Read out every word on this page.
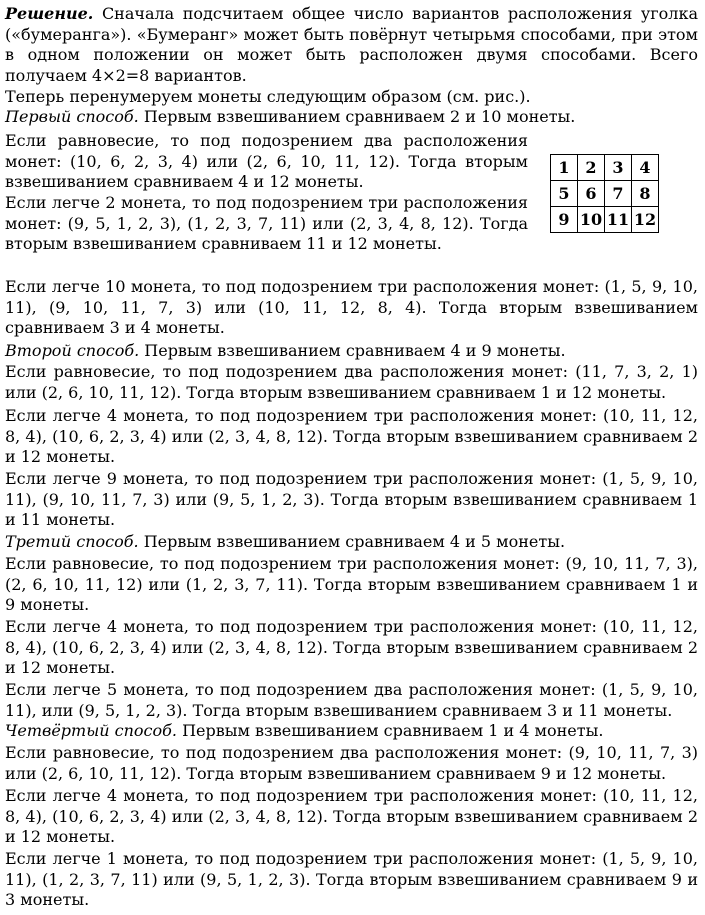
Решение. Сначала подсчитаем общее число вариантов расположения уголка («бумеранга»). «Бумеранг» может быть повёрнут четырьмя способами, при этом в одном положении он может быть расположен двумя способами. Всего получаем 4×2=8 вариантов.

Теперь перенумеруем монеты следующим образом (см. рис.).

Первый способ. Первым взвешиванием сравниваем 2 и 10 монеты.

Если равновесие, то под подозрением два расположения монет: (10, 6, 2, 3, 4) или (2, 6, 10, 11, 12). Тогда вторым взвешиванием сравниваем 4 и 12 монеты.

Если легче 2 монета, то под подозрением три расположения монет: (9, 5, 1, 2, 3), (1, 2, 3, 7, 11) или (2, 3, 4, 8, 12). Тогда вторым взвешиванием сравниваем 11 и 12 монеты.

1	2	3	4
5	6	7	8
9	10	11	12

Если легче 10 монета, то под подозрением три расположения монет: (1, 5, 9, 10, 11), (9, 10, 11, 7, 3) или (10, 11, 12, 8, 4). Тогда вторым взвешиванием сравниваем 3 и 4 монеты.

Второй способ. Первым взвешиванием сравниваем 4 и 9 монеты.

Если равновесие, то под подозрением два расположения монет: (11, 7, 3, 2, 1) или (2, 6, 10, 11, 12). Тогда вторым взвешиванием сравниваем 1 и 12 монеты.

Если легче 4 монета, то под подозрением три расположения монет: (10, 11, 12, 8, 4), (10, 6, 2, 3, 4) или (2, 3, 4, 8, 12). Тогда вторым взвешиванием сравниваем 2 и 12 монеты.

Если легче 9 монета, то под подозрением три расположения монет: (1, 5, 9, 10, 11), (9, 10, 11, 7, 3) или (9, 5, 1, 2, 3). Тогда вторым взвешиванием сравниваем 1 и 11 монеты.

Третий способ. Первым взвешиванием сравниваем 4 и 5 монеты.

Если равновесие, то под подозрением три расположения монет: (9, 10, 11, 7, 3), (2, 6, 10, 11, 12) или (1, 2, 3, 7, 11). Тогда вторым взвешиванием сравниваем 1 и 9 монеты.

Если легче 4 монета, то под подозрением три расположения монет: (10, 11, 12, 8, 4), (10, 6, 2, 3, 4) или (2, 3, 4, 8, 12). Тогда вторым взвешиванием сравниваем 2 и 12 монеты.

Если легче 5 монета, то под подозрением два расположения монет: (1, 5, 9, 10, 11), или (9, 5, 1, 2, 3). Тогда вторым взвешиванием сравниваем 3 и 11 монеты.

Четвёртый способ. Первым взвешиванием сравниваем 1 и 4 монеты.

Если равновесие, то под подозрением два расположения монет: (9, 10, 11, 7, 3) или (2, 6, 10, 11, 12). Тогда вторым взвешиванием сравниваем 9 и 12 монеты.

Если легче 4 монета, то под подозрением три расположения монет: (10, 11, 12, 8, 4), (10, 6, 2, 3, 4) или (2, 3, 4, 8, 12). Тогда вторым взвешиванием сравниваем 2 и 12 монеты.

Если легче 1 монета, то под подозрением три расположения монет: (1, 5, 9, 10, 11), (1, 2, 3, 7, 11) или (9, 5, 1, 2, 3). Тогда вторым взвешиванием сравниваем 9 и 3 монеты.
